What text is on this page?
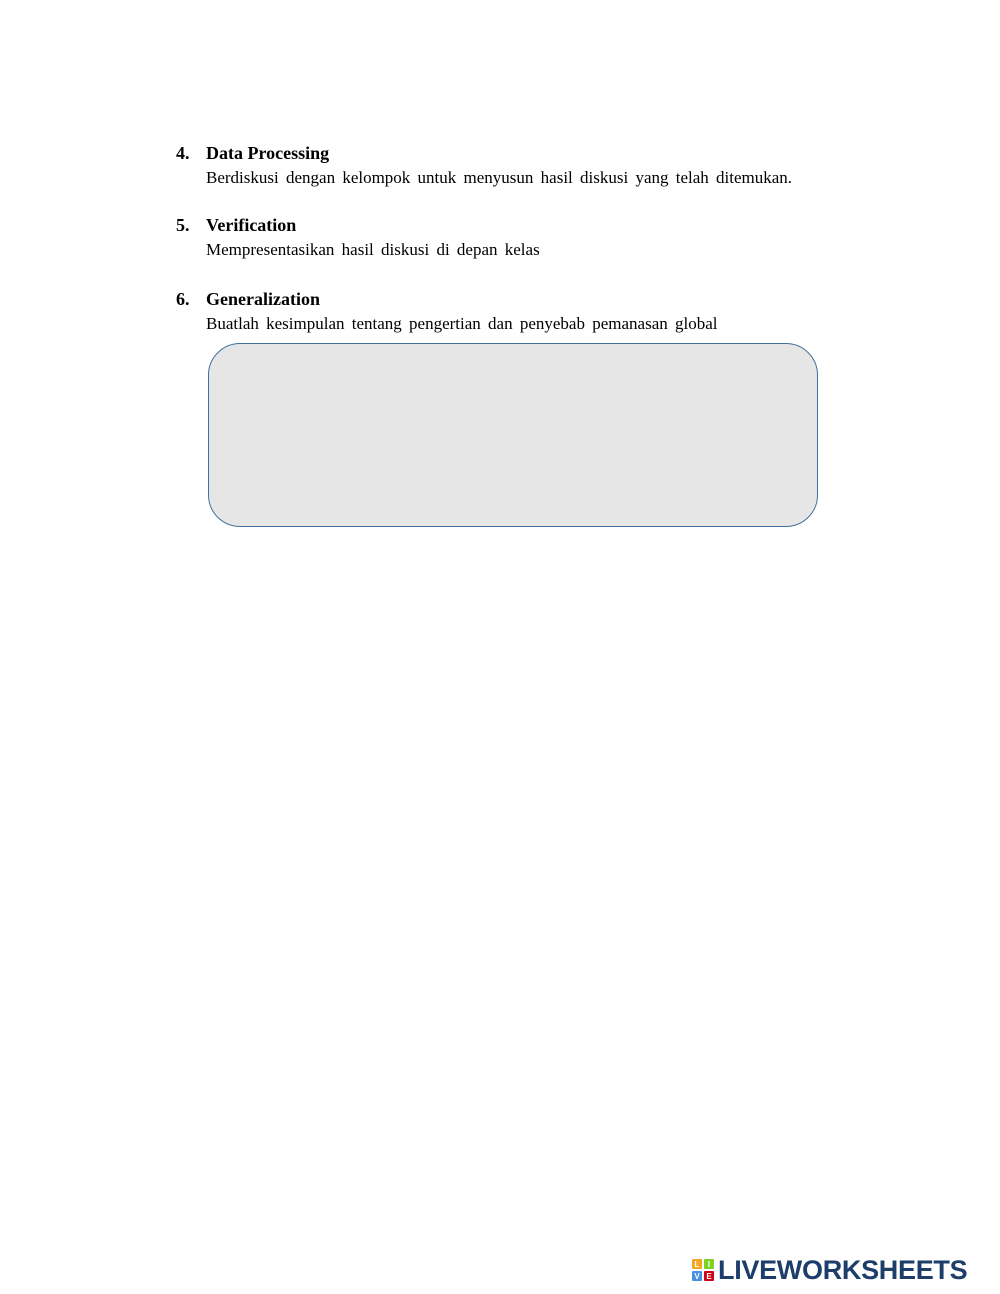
4. Data Processing
Berdiskusi dengan kelompok untuk menyusun hasil diskusi yang telah ditemukan.
5. Verification
Mempresentasikan hasil diskusi di depan kelas
6. Generalization
Buatlah kesimpulan tentang pengertian dan penyebab pemanasan global
L	I
V E LIVEWORKSHEETS
